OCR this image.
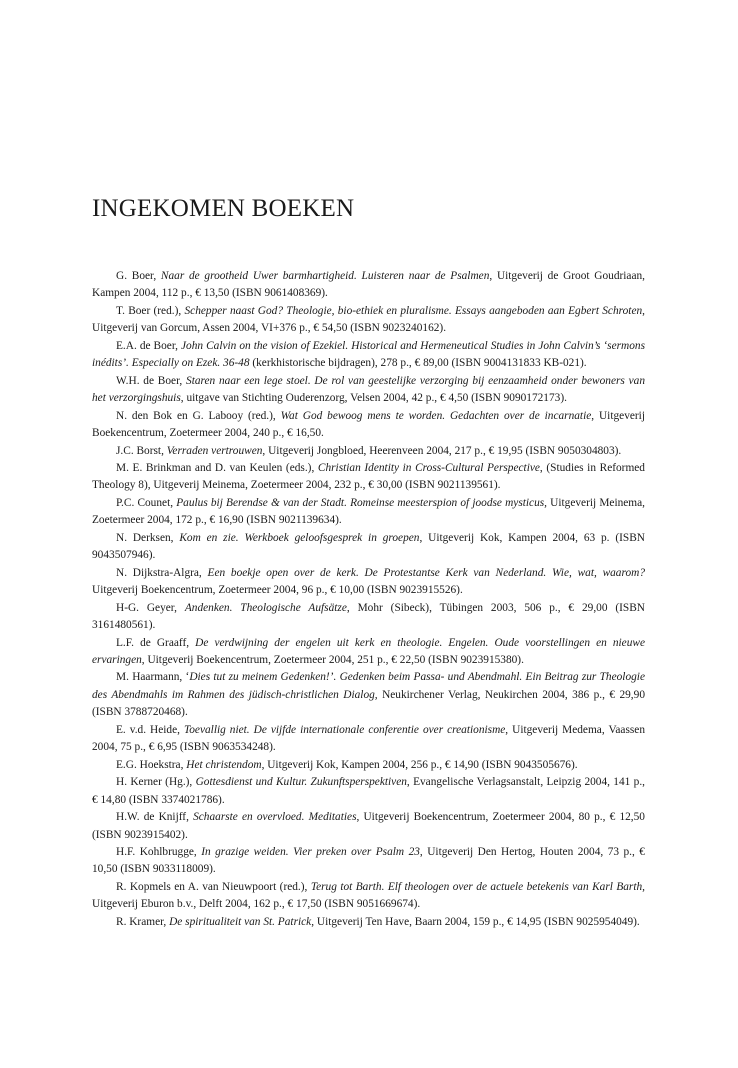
INGEKOMEN BOEKEN

G. Boer, Naar de grootheid Uwer barmhartigheid. Luisteren naar de Psalmen, Uitgeverij de Groot Goudriaan, Kampen 2004, 112 p., € 13,50 (ISBN 9061408369).

T. Boer (red.), Schepper naast God? Theologie, bio-ethiek en pluralisme. Essays aangeboden aan Egbert Schroten, Uitgeverij van Gorcum, Assen 2004, VI+376 p., € 54,50 (ISBN 9023240162).

E.A. de Boer, John Calvin on the vision of Ezekiel. Historical and Hermeneutical Studies in John Calvin’s ‘sermons inédits’. Especially on Ezek. 36-48 (kerkhistorische bijdragen), 278 p., € 89,00 (ISBN 9004131833 KB-021).

W.H. de Boer, Staren naar een lege stoel. De rol van geestelijke verzorging bij eenzaamheid onder bewoners van het verzorgingshuis, uitgave van Stichting Ouderenzorg, Velsen 2004, 42 p., € 4,50 (ISBN 9090172173).

N. den Bok en G. Labooy (red.), Wat God bewoog mens te worden. Gedachten over de incarnatie, Uitgeverij Boekencentrum, Zoetermeer 2004, 240 p., € 16,50.

J.C. Borst, Verraden vertrouwen, Uitgeverij Jongbloed, Heerenveen 2004, 217 p., € 19,95 (ISBN 9050304803).

M. E. Brinkman and D. van Keulen (eds.), Christian Identity in Cross-Cultural Perspective, (Studies in Reformed Theology 8), Uitgeverij Meinema, Zoetermeer 2004, 232 p., € 30,00 (ISBN 9021139561).

P.C. Counet, Paulus bij Berendse & van der Stadt. Romeinse meesterspion of joodse mysticus, Uitgeverij Meinema, Zoetermeer 2004, 172 p., € 16,90 (ISBN 9021139634).

N. Derksen, Kom en zie. Werkboek geloofsgesprek in groepen, Uitgeverij Kok, Kampen 2004, 63 p. (ISBN 9043507946).

N. Dijkstra-Algra, Een boekje open over de kerk. De Protestantse Kerk van Nederland. Wie, wat, waarom? Uitgeverij Boekencentrum, Zoetermeer 2004, 96 p., € 10,00 (ISBN 9023915526).

H-G. Geyer, Andenken. Theologische Aufsätze, Mohr (Sibeck), Tübingen 2003, 506 p., € 29,00 (ISBN 3161480561).

L.F. de Graaff, De verdwijning der engelen uit kerk en theologie. Engelen. Oude voorstellingen en nieuwe ervaringen, Uitgeverij Boekencentrum, Zoetermeer 2004, 251 p., € 22,50 (ISBN 9023915380).

M. Haarmann, ‘Dies tut zu meinem Gedenken!’. Gedenken beim Passa- und Abendmahl. Ein Beitrag zur Theologie des Abendmahls im Rahmen des jüdisch-christlichen Dialog, Neukirchener Verlag, Neukirchen 2004, 386 p., € 29,90 (ISBN 3788720468).

E. v.d. Heide, Toevallig niet. De vijfde internationale conferentie over creationisme, Uitgeverij Medema, Vaassen 2004, 75 p., € 6,95 (ISBN 9063534248).

E.G. Hoekstra, Het christendom, Uitgeverij Kok, Kampen 2004, 256 p., € 14,90 (ISBN 9043505676).

H. Kerner (Hg.), Gottesdienst und Kultur. Zukunftsperspektiven, Evangelische Verlagsanstalt, Leipzig 2004, 141 p., € 14,80 (ISBN 3374021786).

H.W. de Knijff, Schaarste en overvloed. Meditaties, Uitgeverij Boekencentrum, Zoetermeer 2004, 80 p., € 12,50 (ISBN 9023915402).

H.F. Kohlbrugge, In grazige weiden. Vier preken over Psalm 23, Uitgeverij Den Hertog, Houten 2004, 73 p., € 10,50 (ISBN 9033118009).

R. Kopmels en A. van Nieuwpoort (red.), Terug tot Barth. Elf theologen over de actuele betekenis van Karl Barth, Uitgeverij Eburon b.v., Delft 2004, 162 p., € 17,50 (ISBN 9051669674).

R. Kramer, De spiritualiteit van St. Patrick, Uitgeverij Ten Have, Baarn 2004, 159 p., € 14,95 (ISBN 9025954049).
